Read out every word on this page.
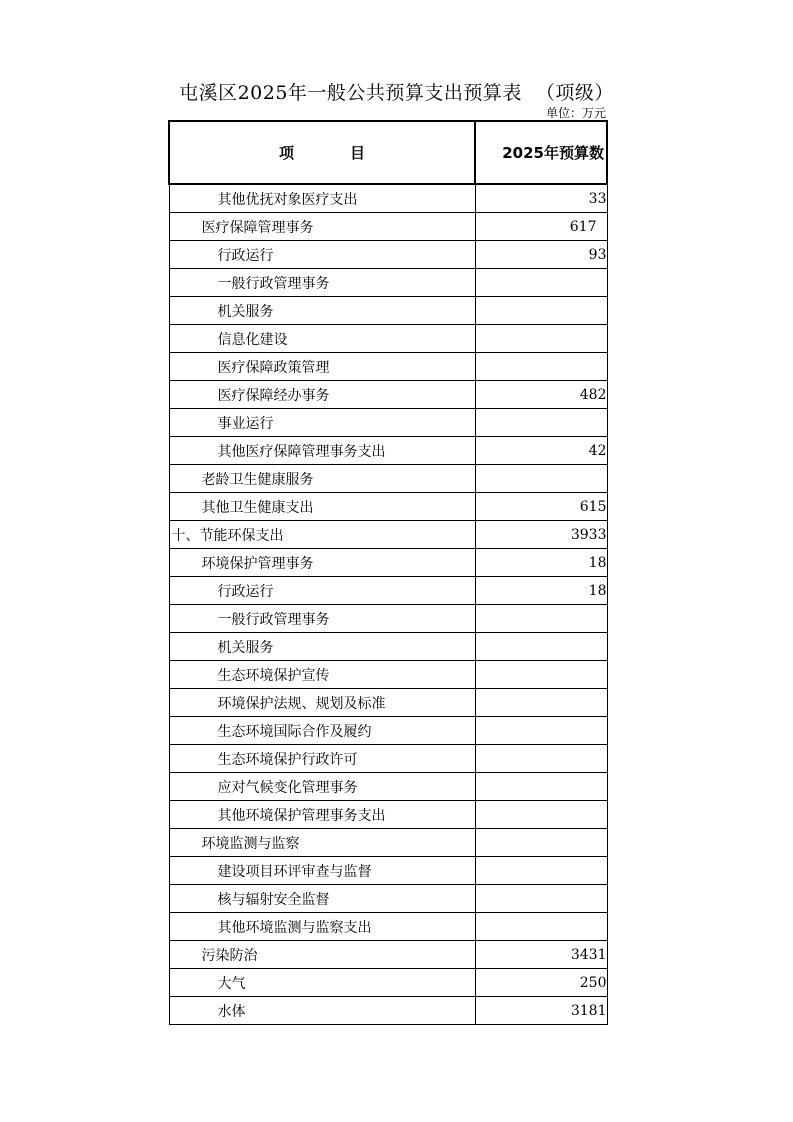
屯溪区2025年一般公共预算支出预算表 （项级）
单位：万元
项 目	2025年预算数
其他优抚对象医疗支出	33
医疗保障管理事务	617
行政运行	93
一般行政管理事务	
机关服务	
信息化建设	
医疗保障政策管理	
医疗保障经办事务	482
事业运行	
其他医疗保障管理事务支出	42
老龄卫生健康服务	
其他卫生健康支出	615
十、节能环保支出	3933
环境保护管理事务	18
行政运行	18
一般行政管理事务	
机关服务	
生态环境保护宣传	
环境保护法规、规划及标准	
生态环境国际合作及履约	
生态环境保护行政许可	
应对气候变化管理事务	
其他环境保护管理事务支出	
环境监测与监察	
建设项目环评审查与监督	
核与辐射安全监督	
其他环境监测与监察支出	
污染防治	3431
大气	250
水体	3181
